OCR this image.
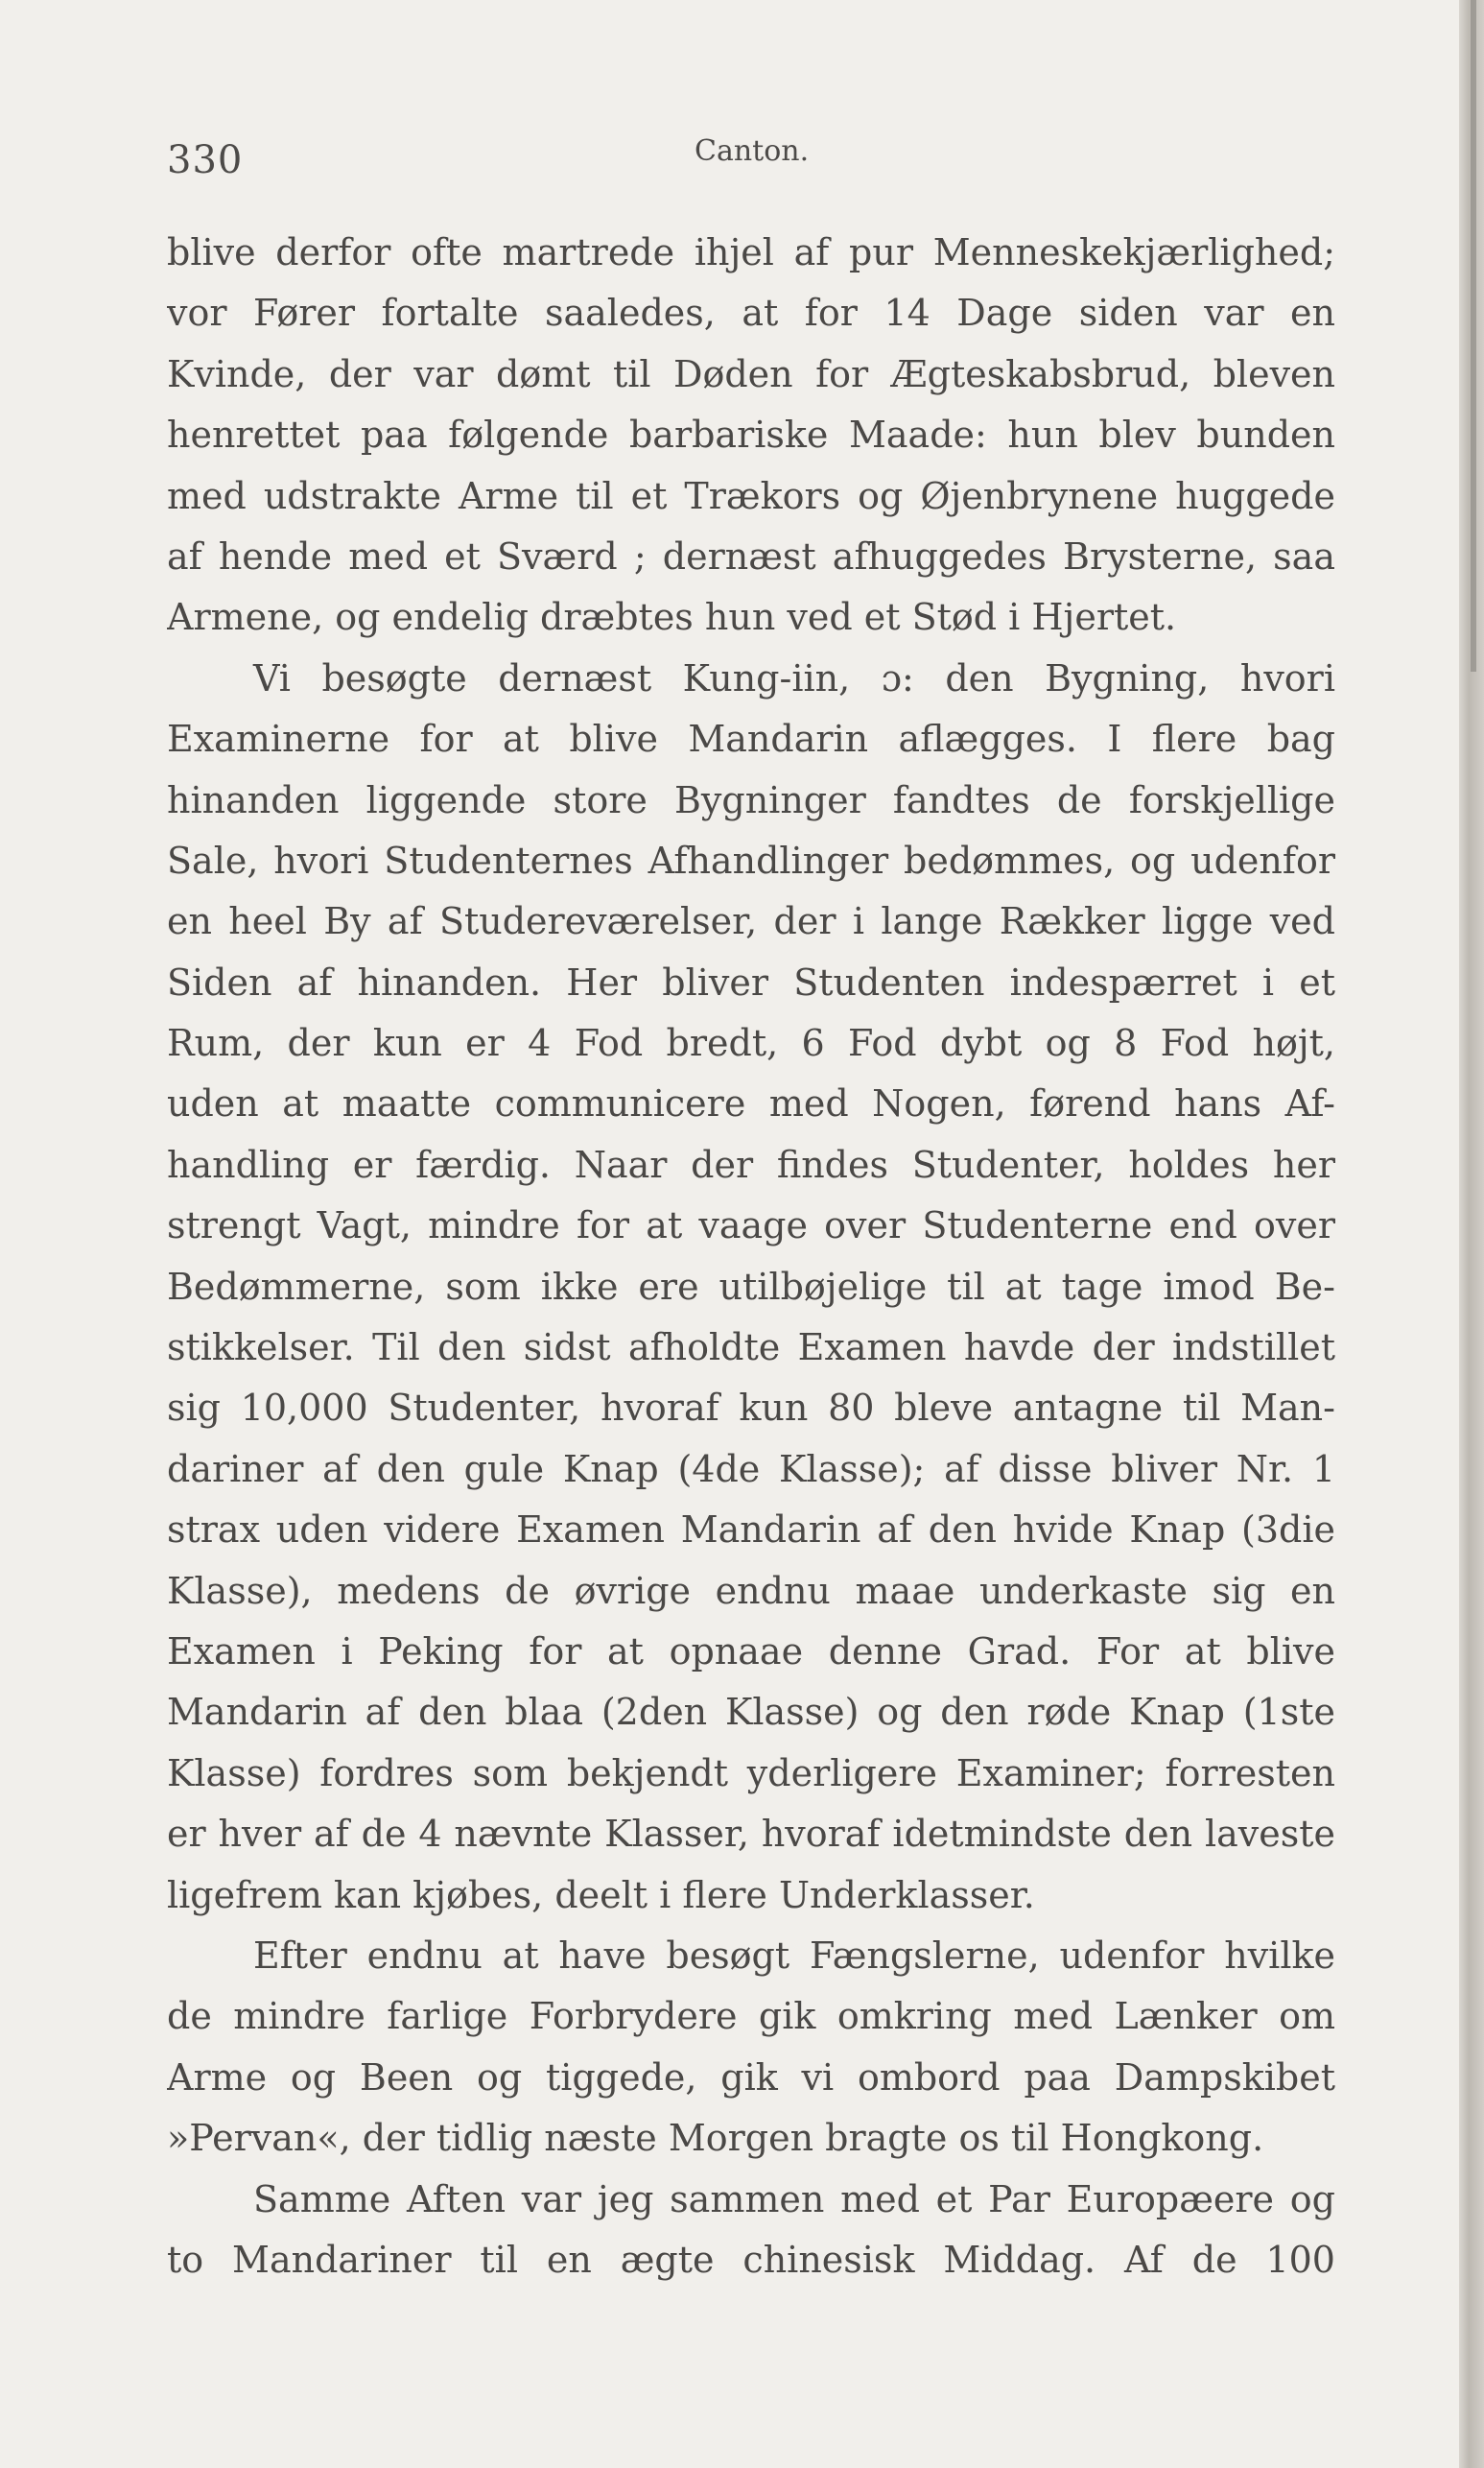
330	Canton.
blive derfor ofte martrede ihjel af pur Menneskekjærlighed;
vor Fører fortalte saaledes, at for 14 Dage siden var en
Kvinde, der var dømt til Døden for Ægteskabsbrud, bleven
henrettet paa følgende barbariske Maade: hun blev bunden
med udstrakte Arme til et Trækors og Øjenbrynene huggede
af hende med et Sværd ; dernæst afhuggedes Brysterne, saa
Armene, og endelig dræbtes hun ved et Stød i Hjertet.
Vi besøgte dernæst Kung-iin, ɔ: den Bygning, hvori
Examinerne for at blive Mandarin aflægges. I flere bag
hinanden liggende store Bygninger fandtes de forskjellige
Sale, hvori Studenternes Afhandlinger bedømmes, og udenfor
en heel By af Studereværelser, der i lange Rækker ligge ved
Siden af hinanden. Her bliver Studenten indespærret i et
Rum, der kun er 4 Fod bredt, 6 Fod dybt og 8 Fod højt,
uden at maatte communicere med Nogen, førend hans Af-
handling er færdig. Naar der findes Studenter, holdes her
strengt Vagt, mindre for at vaage over Studenterne end over
Bedømmerne, som ikke ere utilbøjelige til at tage imod Be-
stikkelser. Til den sidst afholdte Examen havde der indstillet
sig 10,000 Studenter, hvoraf kun 80 bleve antagne til Man-
dariner af den gule Knap (4de Klasse); af disse bliver Nr. 1
strax uden videre Examen Mandarin af den hvide Knap (3die
Klasse), medens de øvrige endnu maae underkaste sig en
Examen i Peking for at opnaae denne Grad. For at blive
Mandarin af den blaa (2den Klasse) og den røde Knap (1ste
Klasse) fordres som bekjendt yderligere Examiner; forresten
er hver af de 4 nævnte Klasser, hvoraf idetmindste den laveste
ligefrem kan kjøbes, deelt i flere Underklasser.
Efter endnu at have besøgt Fængslerne, udenfor hvilke
de mindre farlige Forbrydere gik omkring med Lænker om
Arme og Been og tiggede, gik vi ombord paa Dampskibet
»Pervan«, der tidlig næste Morgen bragte os til Hongkong.
Samme Aften var jeg sammen med et Par Europæere og
to Mandariner til en ægte chinesisk Middag. Af de 100
